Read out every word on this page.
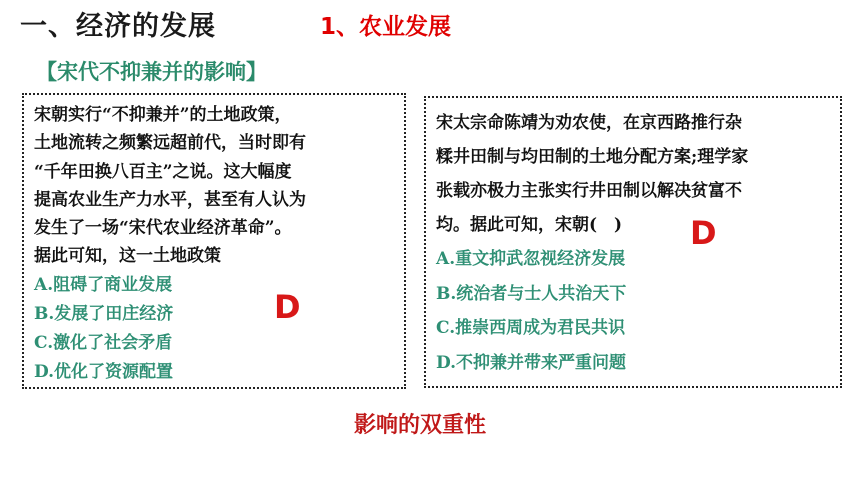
一、经济的发展	1、农业发展
【宋代不抑兼并的影响】

宋朝实行“不抑兼并”的土地政策，
土地流转之频繁远超前代，当时即有
“千年田换八百主”之说。这大幅度
提高农业生产力水平，甚至有人认为
发生了一场“宋代农业经济革命”。
据此可知，这一土地政策

A.阻碍了商业发展
B.发展了田庄经济
C.激化了社会矛盾
D.优化了资源配置

宋太宗命陈靖为劝农使，在京西路推行杂
糅井田制与均田制的土地分配方案;理学家
张载亦极力主张实行井田制以解决贫富不
均。据此可知，宋朝(　)

A.重文抑武忽视经济发展
B.统治者与士人共治天下
C.推崇西周成为君民共识
D.不抑兼并带来严重问题
D
D
影响的双重性
